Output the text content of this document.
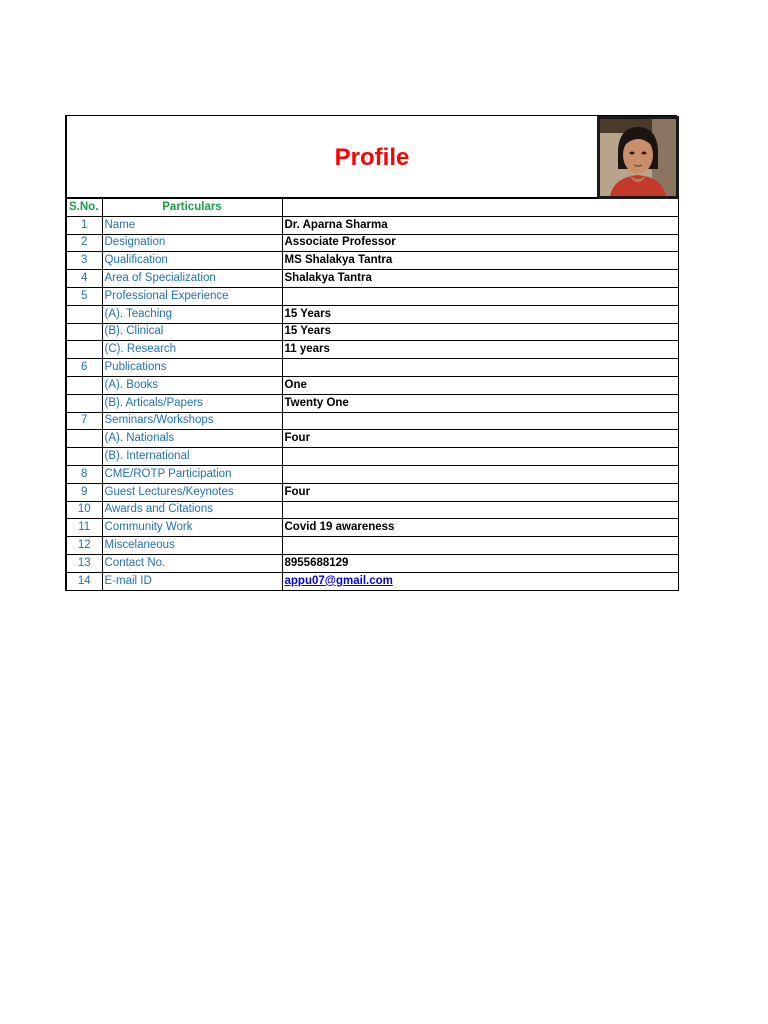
Profile
S.No.	Particulars	
1	Name	Dr. Aparna Sharma
2	Designation	Associate Professor
3	Qualification	MS Shalakya Tantra
4	Area of Specialization	Shalakya Tantra
5	Professional Experience	
	(A). Teaching	15 Years
	(B). Clinical	15 Years
	(C). Research	11 years
6	Publications	
	(A). Books	One
	(B). Articals/Papers	Twenty One
7	Seminars/Workshops	
	(A). Nationals	Four
	(B). International	
8	CME/ROTP Participation	
9	Guest Lectures/Keynotes	Four
10	Awards and Citations	
11	Community Work	Covid 19 awareness
12	Miscelaneous	
13	Contact No.	8955688129
14	E-mail ID	appu07@gmail.com
